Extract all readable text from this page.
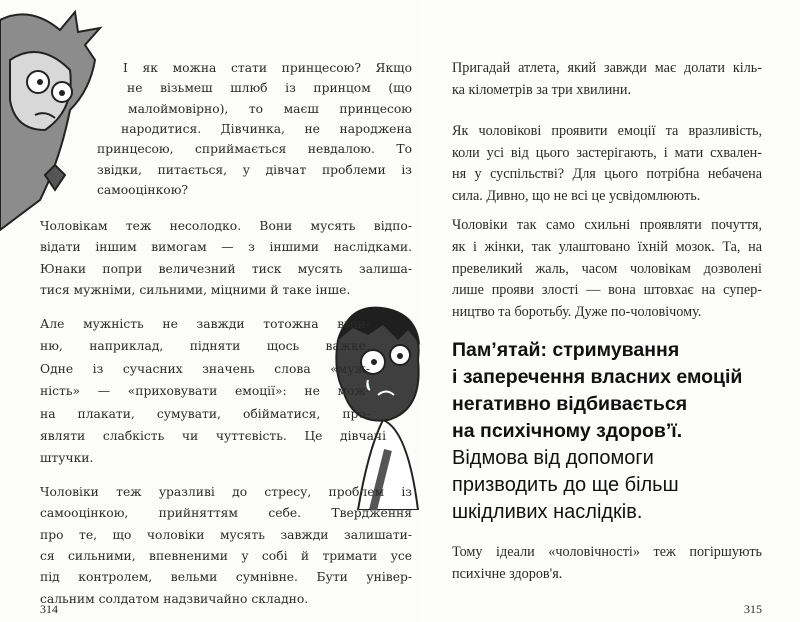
І як можна стати принцесою? Якщо
не візьмеш шлюб із принцом (що
малоймовірно), то маєш принцесою
народитися. Дівчинка, не народжена
принцесою, сприймається невдалою. То
звідки, питається, у дівчат проблеми із
самооцінкою?
Чоловікам теж несолодко. Вони мусять відпо-
відати іншим вимогам — з іншими наслідками.
Юнаки попри величезний тиск мусять залиша-
тися мужніми, сильними, міцними й таке інше.
Але мужність не завжди тотожна вмін-
ню, наприклад, підняти щось важке.
Одне із сучасних значень слова «муж-
ність» — «приховувати емоції»: не мож-
на плакати, сумувати, обійматися, про-
являти слабкість чи чуттєвість. Це дівчачі
штучки.
Чоловіки теж уразливі до стресу, проблем із
самооцінкою, прийняттям себе. Твердження
про те, що чоловіки мусять завжди залишати-
ся сильними, впевненими у собі й тримати усе
під контролем, вельми сумнівне. Бути універ-
сальним солдатом надзвичайно складно.
314
Пригадай атлета, який завжди має долати кіль-
ка кілометрів за три хвилини.
Як чоловікові проявити емоції та вразливість,
коли усі від цього застерігають, і мати схвален-
ня у суспільстві? Для цього потрібна небачена
сила. Дивно, що не всі це усвідомлюють.
Чоловіки так само схильні проявляти почуття,
як і жінки, так улаштовано їхній мозок. Та, на
превеликий жаль, часом чоловікам дозволені
лише прояви злості — вона штовхає на супер-
ництво та боротьбу. Дуже по-чоловічому.
Пам’ятай: стримування
і заперечення власних емоцій
негативно відбивається
на психічному здоров’ї.
Відмова від допомоги
призводить до ще більш
шкідливих наслідків.
Тому ідеали «чоловічності» теж погіршують
психічне здоров'я.
315
